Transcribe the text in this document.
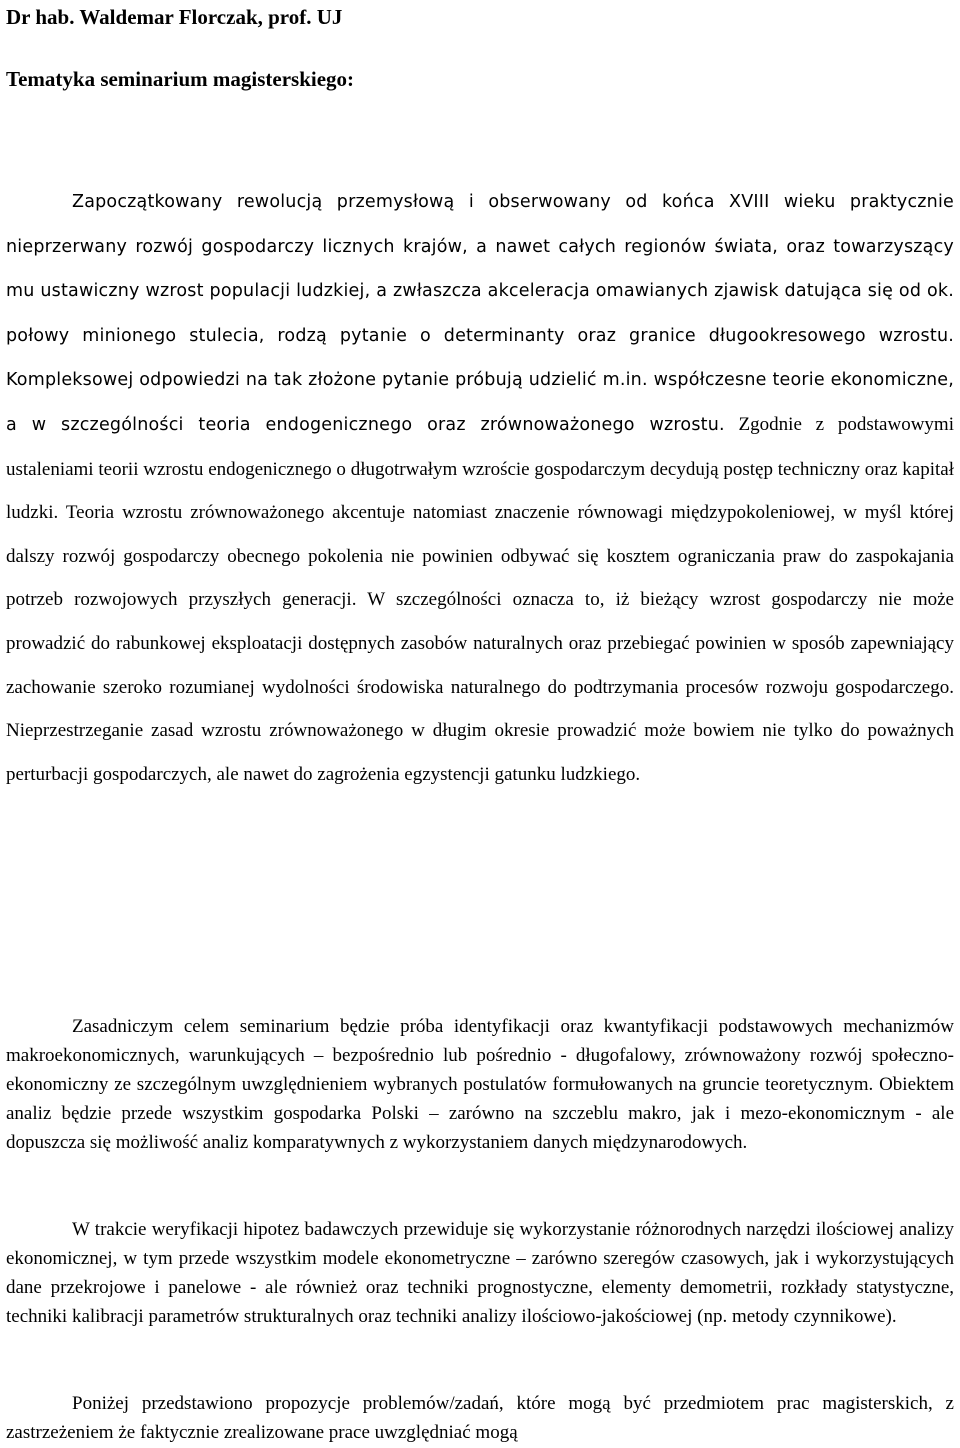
Dr hab. Waldemar Florczak, prof. UJ
Tematyka seminarium magisterskiego:

Zapoczątkowany rewolucją przemysłową i obserwowany od końca XVIII wieku praktycznie nieprzerwany rozwój gospodarczy licznych krajów, a nawet całych regionów świata, oraz towarzyszący mu ustawiczny wzrost populacji ludzkiej, a zwłaszcza akceleracja omawianych zjawisk datująca się od ok. połowy minionego stulecia, rodzą pytanie o determinanty oraz granice długookresowego wzrostu. Kompleksowej odpowiedzi na tak złożone pytanie próbują udzielić m.in. współczesne teorie ekonomiczne, a w szczególności teoria endogenicznego oraz zrównoważonego wzrostu. Zgodnie z podstawowymi ustaleniami teorii wzrostu endogenicznego o długotrwałym wzroście gospodarczym decydują postęp techniczny oraz kapitał ludzki. Teoria wzrostu zrównoważonego akcentuje natomiast znaczenie równowagi międzypokoleniowej, w myśl której dalszy rozwój gospodarczy obecnego pokolenia nie powinien odbywać się kosztem ograniczania praw do zaspokajania potrzeb rozwojowych przyszłych generacji. W szczególności oznacza to, iż bieżący wzrost gospodarczy nie może prowadzić do rabunkowej eksploatacji dostępnych zasobów naturalnych oraz przebiegać powinien w sposób zapewniający zachowanie szeroko rozumianej wydolności środowiska naturalnego do podtrzymania procesów rozwoju gospodarczego. Nieprzestrzeganie zasad wzrostu zrównoważonego w długim okresie prowadzić może bowiem nie tylko do poważnych perturbacji gospodarczych, ale nawet do zagrożenia egzystencji gatunku ludzkiego.

Zasadniczym celem seminarium będzie próba identyfikacji oraz kwantyfikacji podstawowych mechanizmów makroekonomicznych, warunkujących – bezpośrednio lub pośrednio - długofalowy, zrównoważony rozwój społeczno-ekonomiczny ze szczególnym uwzględnieniem wybranych postulatów formułowanych na gruncie teoretycznym. Obiektem analiz będzie przede wszystkim gospodarka Polski – zarówno na szczeblu makro, jak i mezo-ekonomicznym - ale dopuszcza się możliwość analiz komparatywnych z wykorzystaniem danych międzynarodowych.

W trakcie weryfikacji hipotez badawczych przewiduje się wykorzystanie różnorodnych narzędzi ilościowej analizy ekonomicznej, w tym przede wszystkim modele ekonometryczne – zarówno szeregów czasowych, jak i wykorzystujących dane przekrojowe i panelowe - ale również oraz techniki prognostyczne, elementy demometrii, rozkłady statystyczne, techniki kalibracji parametrów strukturalnych oraz techniki analizy ilościowo-jakościowej (np. metody czynnikowe).

Poniżej przedstawiono propozycje problemów/zadań, które mogą być przedmiotem prac magisterskich, z zastrzeżeniem że faktycznie zrealizowane prace uwzględniać mogą
